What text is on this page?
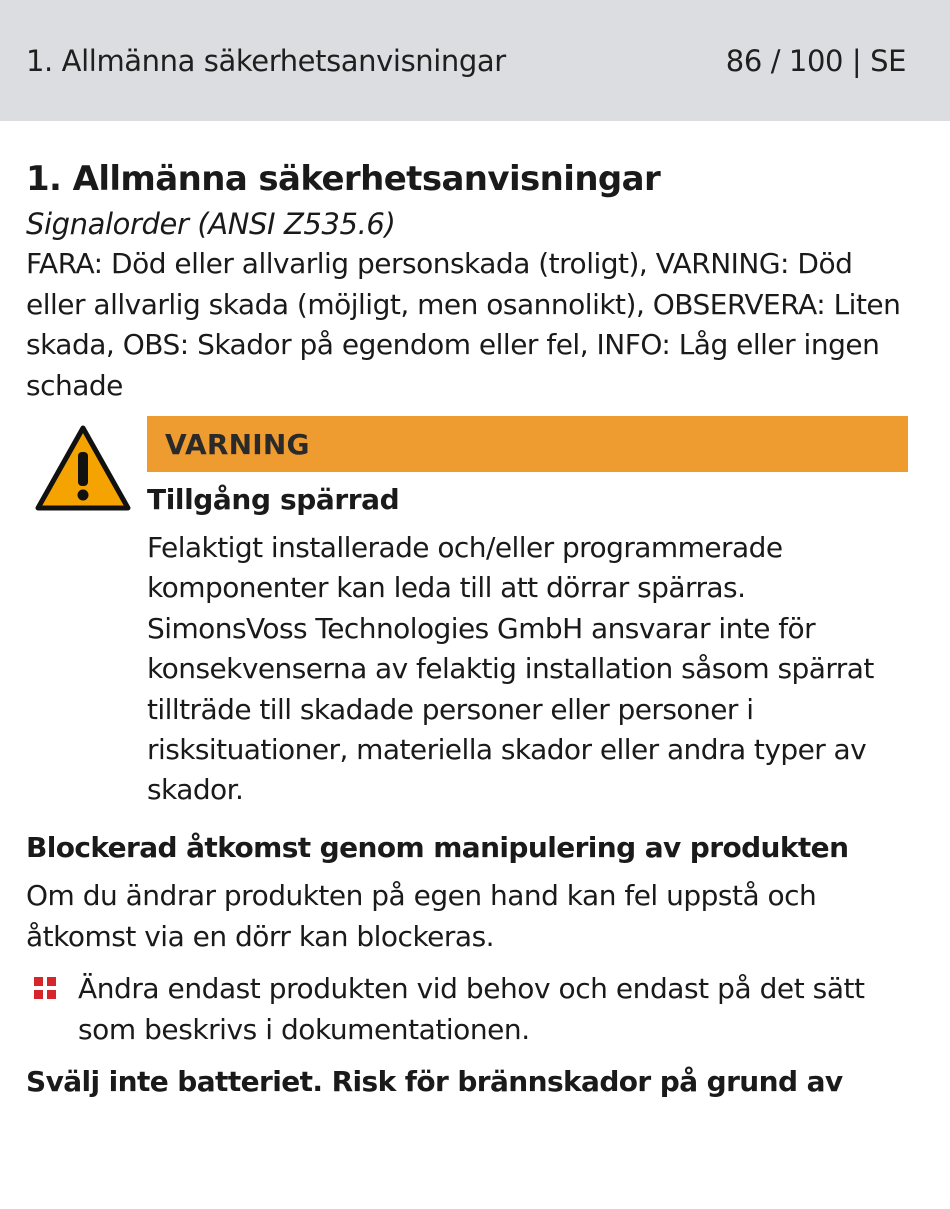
1. Allmänna säkerhetsanvisningar	86 / 100 | SE
1. Allmänna säkerhetsanvisningar

Signalorder (ANSI Z535.6)

FARA: Död eller allvarlig personskada (troligt), VARNING: Död eller allvarlig skada (möjligt, men osannolikt), OBSERVERA: Liten skada, OBS: Skador på egendom eller fel, INFO: Låg eller ingen schade

VARNING
Tillgång spärrad

Felaktigt installerade och/eller programmerade komponenter kan leda till att dörrar spärras. SimonsVoss Technologies GmbH ansvarar inte för konsekvenserna av felaktig installation såsom spärrat tillträde till skadade personer eller personer i risksituationer, materiella skador eller andra typer av skador.

Blockerad åtkomst genom manipulering av produkten

Om du ändrar produkten på egen hand kan fel uppstå och åtkomst via en dörr kan blockeras.

Ändra endast produkten vid behov och endast på det sätt som beskrivs i dokumentationen.

Svälj inte batteriet. Risk för brännskador på grund av
